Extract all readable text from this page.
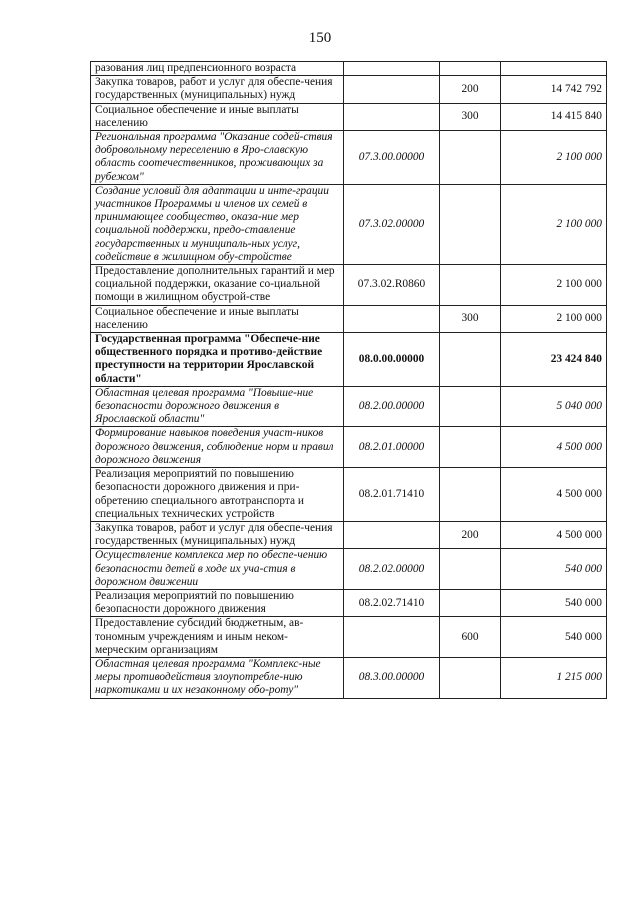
150
разования лиц предпенсионного возраста			
Закупка товаров, работ и услуг для обеспе-чения государственных (муниципальных) нужд		200	14 742 792
Социальное обеспечение и иные выплаты населению		300	14 415 840
Региональная программа "Оказание содей-ствия добровольному переселению в Яро-славскую область соотечественников, проживающих за рубежом"	07.3.00.00000		2 100 000
Создание условий для адаптации и инте-грации участников Программы и членов их семей в принимающее сообщество, оказа-ние мер социальной поддержки, предо-ставление государственных и муниципаль-ных услуг, содействие в жилищном обу-стройстве	07.3.02.00000		2 100 000
Предоставление дополнительных гарантий и мер социальной поддержки, оказание со-циальной помощи в жилищном обустрой-стве	07.3.02.R0860		2 100 000
Социальное обеспечение и иные выплаты населению		300	2 100 000
Государственная программа "Обеспече-ние общественного порядка и противо-действие преступности на территории Ярославской области"	08.0.00.00000		23 424 840
Областная целевая программа "Повыше-ние безопасности дорожного движения в Ярославской области"	08.2.00.00000		5 040 000
Формирование навыков поведения участ-ников дорожного движения, соблюдение норм и правил дорожного движения	08.2.01.00000		4 500 000
Реализация мероприятий по повышению безопасности дорожного движения и при-обретению специального автотранспорта и специальных технических устройств	08.2.01.71410		4 500 000
Закупка товаров, работ и услуг для обеспе-чения государственных (муниципальных) нужд		200	4 500 000
Осуществление комплекса мер по обеспе-чению безопасности детей в ходе их уча-стия в дорожном движении	08.2.02.00000		540 000
Реализация мероприятий по повышению безопасности дорожного движения	08.2.02.71410		540 000
Предоставление субсидий бюджетным, ав-тономным учреждениям и иным неком-мерческим организациям		600	540 000
Областная целевая программа "Комплекс-ные меры противодействия злоупотребле-нию наркотиками и их незаконному обо-роту"	08.3.00.00000		1 215 000
